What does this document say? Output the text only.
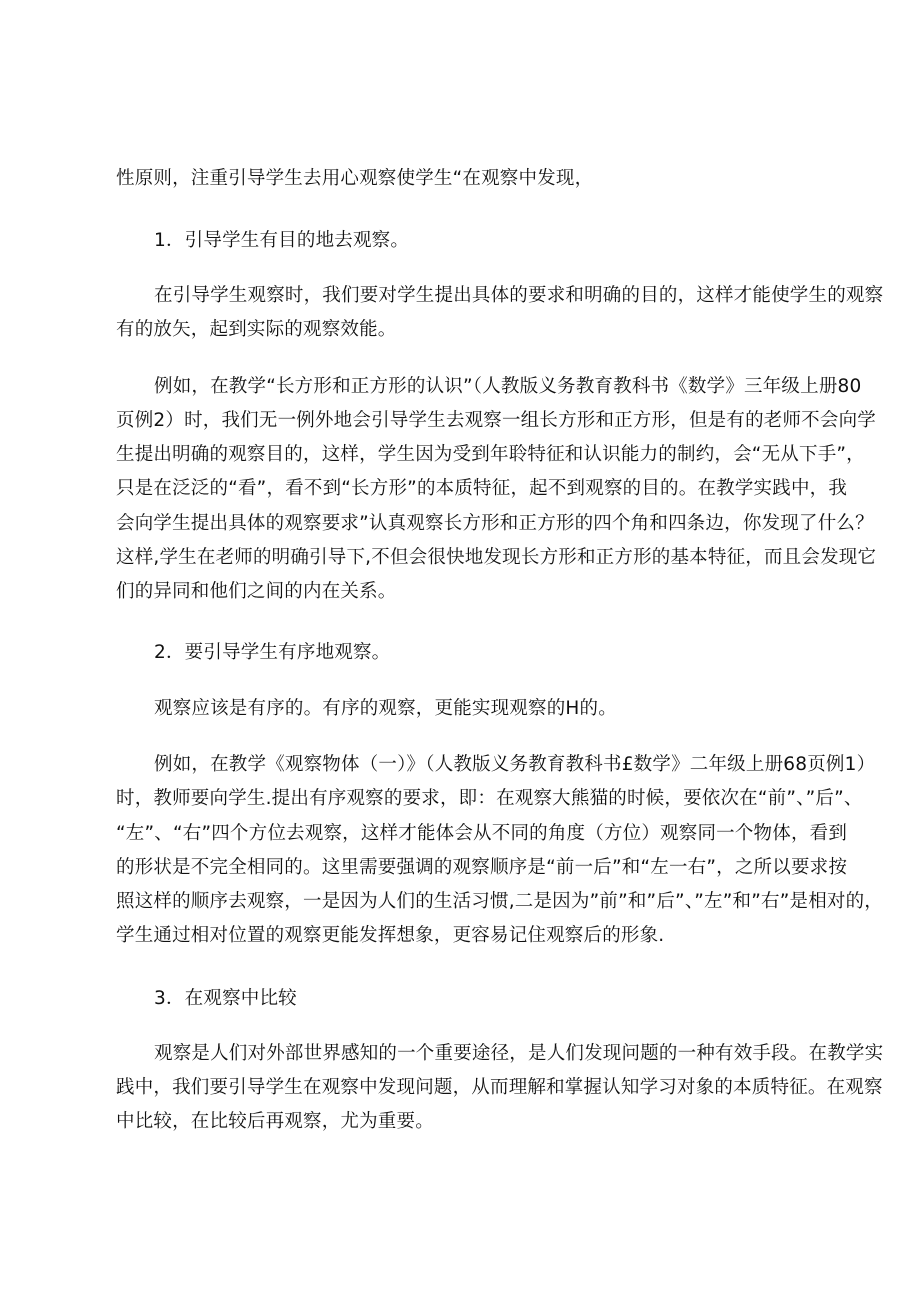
性原则，注重引导学生去用心观察使学生“在观察中发现，
1．引导学生有目的地去观察。
在引导学生观察时，我们要对学生提出具体的要求和明确的目的，这样才能使学生的观察
有的放矢，起到实际的观察效能。
例如，在教学“长方形和正方形的认识”（人教版义务教育教科书《数学》三年级上册80
页例2）时，我们无一例外地会引导学生去观察一组长方形和正方形，但是有的老师不会向学
生提出明确的观察目的，这样，学生因为受到年聆特征和认识能力的制约，会“无从下手”，
只是在泛泛的“看”，看不到“长方形”的本质特征，起不到观察的目的。在教学实践中，我
会向学生提出具体的观察要求”认真观察长方形和正方形的四个角和四条边，你发现了什么？
这样,学生在老师的明确引导下,不但会很快地发现长方形和正方形的基本特征，而且会发现它
们的异同和他们之间的内在关系。
2．要引导学生有序地观察。
观察应该是有序的。有序的观察，更能实现观察的H的。
例如，在教学《观察物体（一）》（人教版义务教育教科书£数学》二年级上册68页例1）
时，教师要向学生.提出有序观察的要求，即：在观察大熊猫的时候，要依次在“前”、”后”、
“左”、“右”四个方位去观察，这样才能体会从不同的角度（方位）观察同一个物体，看到
的形状是不完全相同的。这里需要强调的观察顺序是“前一后”和“左一右”，之所以要求按
照这样的顺序去观察，一是因为人们的生活习惯,二是因为”前”和”后”、”左”和”右”是相对的，
学生通过相对位置的观察更能发挥想象，更容易记住观察后的形象.
3．在观察中比较
观察是人们对外部世界感知的一个重要途径，是人们发现问题的一种有效手段。在教学实
践中，我们要引导学生在观察中发现问题，从而理解和掌握认知学习对象的本质特征。在观察
中比较，在比较后再观察，尤为重要。
